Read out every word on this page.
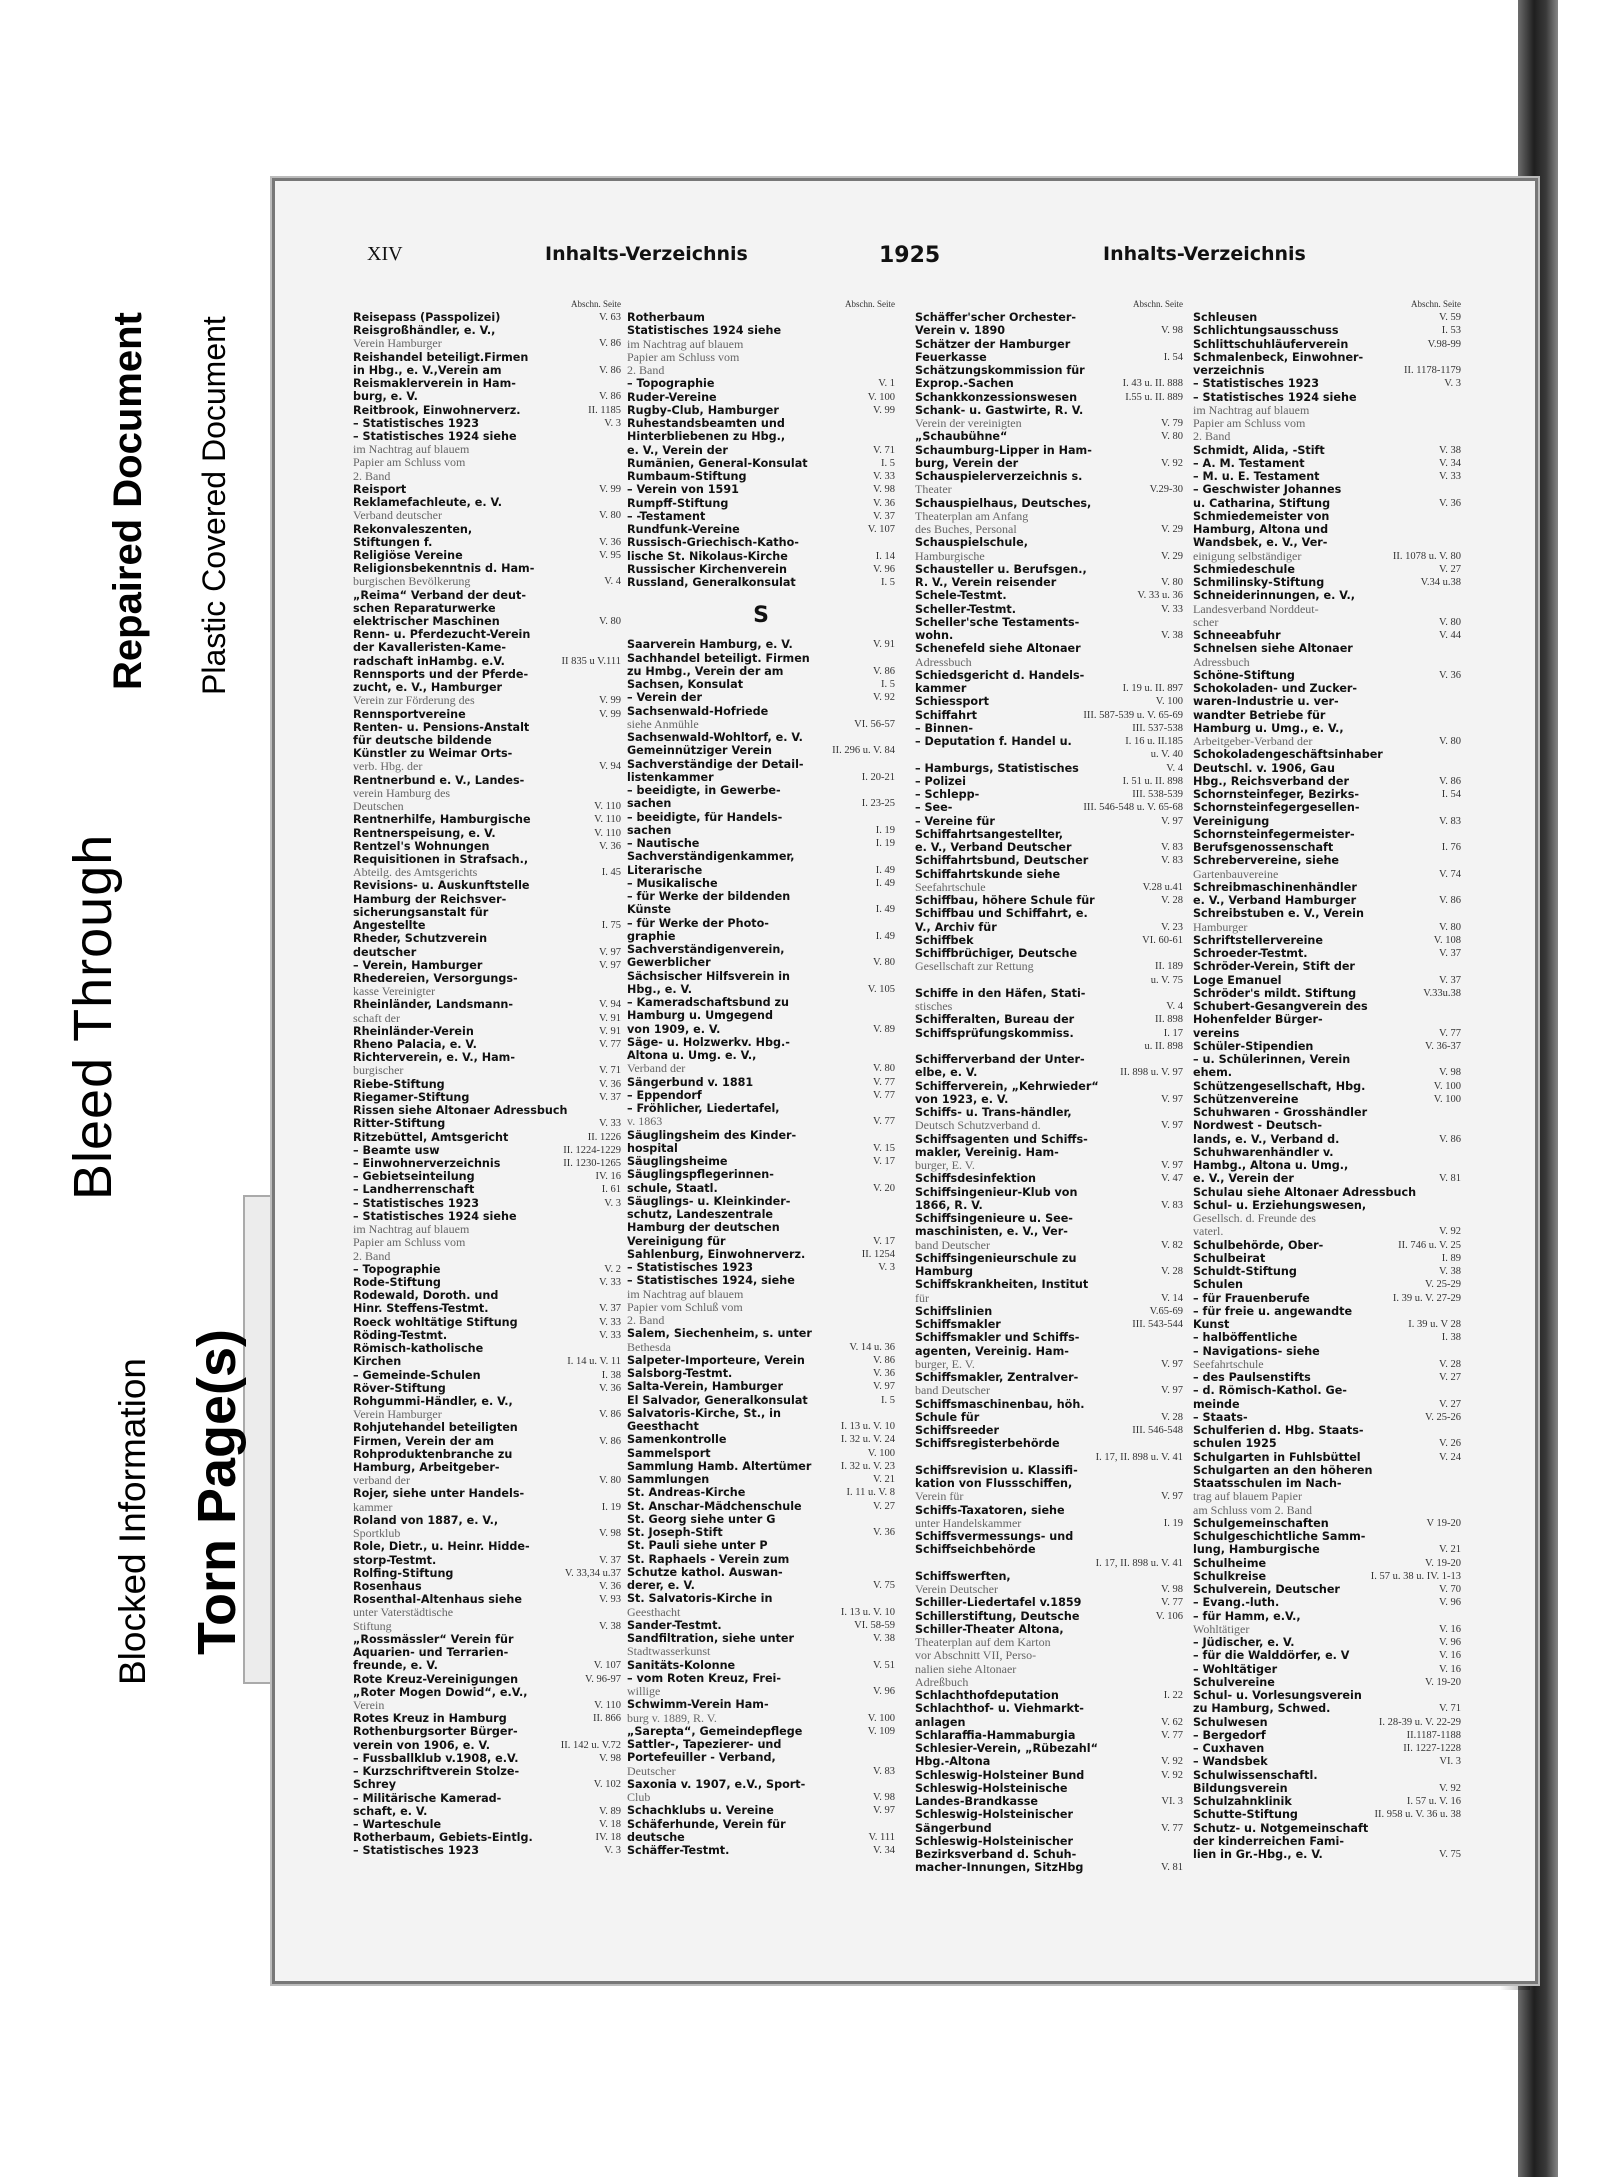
Bleed Through
Repaired Document Plastic Covered Document
Blocked Information Torn Page(s)
XIV	Inhalts-Verzeichnis	1925	Inhalts-Verzeichnis
Abschn. Seite
Reisepass (Passpolizei)	V. 63
Reisgroßhändler, e. V.,
Verein Hamburger	V. 86
Reishandel beteiligt.Firmen
in Hbg., e. V.,Verein am	V. 86
Reismaklerverein in Ham-
burg, e. V.	V. 86
Reitbrook, Einwohnerverz.	II. 1185
– Statistisches 1923	V. 3
– Statistisches 1924 siehe
im Nachtrag auf blauem
Papier am Schluss vom
2. Band
Reisport	V. 99
Reklamefachleute, e. V.
Verband deutscher	V. 80
Rekonvaleszenten,
Stiftungen f.	V. 36
Religiöse Vereine	V. 95
Religionsbekenntnis d. Ham-
burgischen Bevölkerung	V. 4
„Reima“ Verband der deut-
schen Reparaturwerke
elektrischer Maschinen	V. 80
Renn- u. Pferdezucht-Verein
der Kavalleristen-Kame-
radschaft inHambg. e.V.	II 835 u V.111
Rennsports und der Pferde-
zucht, e. V., Hamburger
Verein zur Förderung des	V. 99
Rennsportvereine	V. 99
Renten- u. Pensions-Anstalt
für deutsche bildende
Künstler zu Weimar Orts-
verb. Hbg. der	V. 94
Rentnerbund e. V., Landes-
verein Hamburg des
Deutschen	V. 110
Rentnerhilfe, Hamburgische	V. 110
Rentnerspeisung, e. V.	V. 110
Rentzel's Wohnungen	V. 36
Requisitionen in Strafsach.,
Abteilg. des Amtsgerichts	I. 45
Revisions- u. Auskunftstelle
Hamburg der Reichsver-
sicherungsanstalt für
Angestellte	I. 75
Rheder, Schutzverein
deutscher	V. 97
– Verein, Hamburger	V. 97
Rhedereien, Versorgungs-
kasse Vereinigter
Rheinländer, Landsmann-	V. 94
schaft der	V. 91
Rheinländer-Verein	V. 91
Rheno Palacia, e. V.	V. 77
Richterverein, e. V., Ham-
burgischer	V. 71
Riebe-Stiftung	V. 36
Riegamer-Stiftung	V. 37
Rissen siehe Altonaer Adressbuch
Ritter-Stiftung	V. 33
Ritzebüttel, Amtsgericht	II. 1226
– Beamte usw	II. 1224-1229
– Einwohnerverzeichnis	II. 1230-1265
– Gebietseinteilung	IV. 16
– Landherrenschaft	I. 61
– Statistisches 1923	V. 3
– Statistisches 1924 siehe
im Nachtrag auf blauem
Papier am Schluss vom
2. Band
– Topographie	V. 2
Rode-Stiftung	V. 33
Rodewald, Doroth. und
Hinr. Steffens-Testmt.	V. 37
Roeck wohltätige Stiftung	V. 33
Röding-Testmt.	V. 33
Römisch-katholische
Kirchen	I. 14 u. V. 11
– Gemeinde-Schulen	I. 38
Röver-Stiftung	V. 36
Rohgummi-Händler, e. V.,
Verein Hamburger	V. 86
Rohjutehandel beteiligten
Firmen, Verein der am	V. 86
Rohproduktenbranche zu
Hamburg, Arbeitgeber-
verband der	V. 80
Rojer, siehe unter Handels-
kammer	I. 19
Roland von 1887, e. V.,
Sportklub	V. 98
Role, Dietr., u. Heinr. Hidde-
storp-Testmt.	V. 37
Rolfing-Stiftung	V. 33,34 u.37
Rosenhaus	V. 36
Rosenthal-Altenhaus siehe	V. 93
unter Vaterstädtische
Stiftung	V. 38
„Rossmässler“ Verein für
Aquarien- und Terrarien-
freunde, e. V.	V. 107
Rote Kreuz-Vereinigungen	V. 96-97
„Roter Mogen Dowid“, e.V.,
Verein	V. 110
Rotes Kreuz in Hamburg	II. 866
Rothenburgsorter Bürger-
verein von 1906, e. V.	II. 142 u. V.72
– Fussballklub v.1908, e.V.	V. 98
– Kurzschriftverein Stolze-
Schrey	V. 102
– Militärische Kamerad-
schaft, e. V.	V. 89
– Warteschule	V. 18
Rotherbaum, Gebiets-Eintlg.	IV. 18
– Statistisches 1923	V. 3
Abschn. Seite
Rotherbaum
Statistisches 1924 siehe
im Nachtrag auf blauem
Papier am Schluss vom
2. Band
– Topographie	V. 1
Ruder-Vereine	V. 100
Rugby-Club, Hamburger	V. 99
Ruhestandsbeamten und
Hinterbliebenen zu Hbg.,
e. V., Verein der	V. 71
Rumänien, General-Konsulat	I. 5
Rumbaum-Stiftung	V. 33
– Verein von 1591	V. 98
Rumpff-Stiftung	V. 36
– -Testament	V. 37
Rundfunk-Vereine	V. 107
Russisch-Griechisch-Katho-
lische St. Nikolaus-Kirche	I. 14
Russischer Kirchenverein	V. 96
Russland, Generalkonsulat	I. 5
S
Saarverein Hamburg, e. V.	V. 91
Sachhandel beteiligt. Firmen
zu Hmbg., Verein der am	V. 86
Sachsen, Konsulat	I. 5
– Verein der	V. 92
Sachsenwald-Hofriede
siehe Anmühle	VI. 56-57
Sachsenwald-Wohltorf, e. V.
Gemeinnütziger Verein	II. 296 u. V. 84
Sachverständige der Detail-
listenkammer	I. 20-21
– beeidigte, in Gewerbe-
sachen	I. 23-25
– beeidigte, für Handels-
sachen	I. 19
– Nautische	I. 19
Sachverständigenkammer,
Literarische	I. 49
– Musikalische	I. 49
– für Werke der bildenden
Künste	I. 49
– für Werke der Photo-
graphie	I. 49
Sachverständigenverein,
Gewerblicher	V. 80
Sächsischer Hilfsverein in
Hbg., e. V.	V. 105
– Kameradschaftsbund zu
Hamburg u. Umgegend
von 1909, e. V.	V. 89
Säge- u. Holzwerkv. Hbg.-
Altona u. Umg. e. V.,
Verband der	V. 80
Sängerbund v. 1881	V. 77
– Eppendorf	V. 77
– Fröhlicher, Liedertafel,
v. 1863	V. 77
Säuglingsheim des Kinder-
hospital	V. 15
Säuglingsheime	V. 17
Säuglingspflegerinnen-
schule, Staatl.	V. 20
Säuglings- u. Kleinkinder-
schutz, Landeszentrale
Hamburg der deutschen
Vereinigung für	V. 17
Sahlenburg, Einwohnerverz.	II. 1254
– Statistisches 1923	V. 3
– Statistisches 1924, siehe
im Nachtrag auf blauem
Papier vom Schluß vom
2. Band
Salem, Siechenheim, s. unter
Bethesda	V. 14 u. 36
Salpeter-Importeure, Verein	V. 86
Salsborg-Testmt.	V. 36
Salta-Verein, Hamburger	V. 97
El Salvador, Generalkonsulat	I. 5
Salvatoris-Kirche, St., in
Geesthacht	I. 13 u. V. 10
Samenkontrolle	I. 32 u. V. 24
Sammelsport	V. 100
Sammlung Hamb. Altertümer	I. 32 u. V. 23
Sammlungen	V. 21
St. Andreas-Kirche	I. 11 u. V. 8
St. Anschar-Mädchenschule	V. 27
St. Georg siehe unter G
St. Joseph-Stift	V. 36
St. Pauli siehe unter P
St. Raphaels - Verein zum
Schutze kathol. Auswan-
derer, e. V.	V. 75
St. Salvatoris-Kirche in
Geesthacht	I. 13 u. V. 10
Sander-Testmt.	VI. 58-59
Sandfiltration, siehe unter	V. 38
Stadtwasserkunst
Sanitäts-Kolonne	V. 51
– vom Roten Kreuz, Frei-
willige	V. 96
Schwimm-Verein Ham-
burg v. 1889, R. V.	V. 100
„Sarepta“, Gemeindepflege	V. 109
Sattler-, Tapezierer- und
Portefeuiller - Verband,
Deutscher	V. 83
Saxonia v. 1907, e.V., Sport-
Club	V. 98
Schachklubs u. Vereine	V. 97
Schäferhunde, Verein für
deutsche	V. 111
Schäffer-Testmt.	V. 34
Abschn. Seite
Schäffer'scher Orchester-
Verein v. 1890	V. 98
Schätzer der Hamburger
Feuerkasse	I. 54
Schätzungskommission für
Exprop.-Sachen	I. 43 u. II. 888
Schankkonzessionswesen	I.55 u. II. 889
Schank- u. Gastwirte, R. V.
Verein der vereinigten	V. 79
„Schaubühne“	V. 80
Schaumburg-Lipper in Ham-
burg, Verein der	V. 92
Schauspielerverzeichnis s.
Theater	V.29-30
Schauspielhaus, Deutsches,
Theaterplan am Anfang
des Buches, Personal	V. 29
Schauspielschule,
Hamburgische	V. 29
Schausteller u. Berufsgen.,
R. V., Verein reisender	V. 80
Schele-Testmt.	V. 33 u. 36
Scheller-Testmt.	V. 33
Scheller'sche Testaments-
wohn.	V. 38
Schenefeld siehe Altonaer
Adressbuch
Schiedsgericht d. Handels-
kammer	I. 19 u. II. 897
Schiessport	V. 100
Schiffahrt	III. 587-539 u. V. 65-69
– Binnen-	III. 537-538
– Deputation f. Handel u.	I. 16 u. II.185
u. V. 40
– Hamburgs, Statistisches	V. 4
– Polizei	I. 51 u. II. 898
– Schlepp-	III. 538-539
– See-	III. 546-548 u. V. 65-68
– Vereine für	V. 97
Schiffahrtsangestellter,
e. V., Verband Deutscher	V. 83
Schiffahrtsbund, Deutscher	V. 83
Schiffahrtskunde siehe
Seefahrtschule	V.28 u.41
Schiffbau, höhere Schule für	V. 28
Schiffbau und Schiffahrt, e.
V., Archiv für	V. 23
Schiffbek	VI. 60-61
Schiffbrüchiger, Deutsche
Gesellschaft zur Rettung	II. 189
u. V. 75
Schiffe in den Häfen, Stati-
stisches	V. 4
Schifferalten, Bureau der	II. 898
Schiffsprüfungskommiss.	I. 17
u. II. 898
Schifferverband der Unter-
elbe, e. V.	II. 898 u. V. 97
Schifferverein, „Kehrwieder“
von 1923, e. V.	V. 97
Schiffs- u. Trans-händler,
Deutsch Schutzverband d.	V. 97
Schiffsagenten und Schiffs-
makler, Vereinig. Ham-
burger, E. V.	V. 97
Schiffsdesinfektion	V. 47
Schiffsingenieur-Klub von
1866, R. V.	V. 83
Schiffsingenieure u. See-
maschinisten, e. V., Ver-
band Deutscher	V. 82
Schiffsingenieurschule zu
Hamburg	V. 28
Schiffskrankheiten, Institut
für	V. 14
Schiffslinien	V.65-69
Schiffsmakler	III. 543-544
Schiffsmakler und Schiffs-
agenten, Vereinig. Ham-
burger, E. V.	V. 97
Schiffsmakler, Zentralver-
band Deutscher	V. 97
Schiffsmaschinenbau, höh.
Schule für	V. 28
Schiffsreeder	III. 546-548
Schiffsregisterbehörde
I. 17, II. 898 u. V. 41
Schiffsrevision u. Klassifi-
kation von Flussschiffen,
Verein für	V. 97
Schiffs-Taxatoren, siehe
unter Handelskammer	I. 19
Schiffsvermessungs- und
Schiffseichbehörde
I. 17, II. 898 u. V. 41
Schiffswerften,
Verein Deutscher	V. 98
Schiller-Liedertafel v.1859	V. 77
Schillerstiftung, Deutsche	V. 106
Schiller-Theater Altona,
Theaterplan auf dem Karton
vor Abschnitt VII, Perso-
nalien siehe Altonaer
Adreßbuch
Schlachthofdeputation	I. 22
Schlachthof- u. Viehmarkt-
anlagen	V. 62
Schlaraffia-Hammaburgia	V. 77
Schlesier-Verein, „Rübezahl“
Hbg.-Altona	V. 92
Schleswig-Holsteiner Bund	V. 92
Schleswig-Holsteinische
Landes-Brandkasse	VI. 3
Schleswig-Holsteinischer
Sängerbund	V. 77
Schleswig-Holsteinischer
Bezirksverband d. Schuh-
macher-Innungen, SitzHbg	V. 81
Abschn. Seite
Schleusen	V. 59
Schlichtungsausschuss	I. 53
Schlittschuhläuferverein	V.98-99
Schmalenbeck, Einwohner-
verzeichnis	II. 1178-1179
– Statistisches 1923	V. 3
– Statistisches 1924 siehe
im Nachtrag auf blauem
Papier am Schluss vom
2. Band
Schmidt, Alida, -Stift	V. 38
– A. M. Testament	V. 34
– M. u. E. Testament	V. 33
– Geschwister Johannes
u. Catharina, Stiftung	V. 36
Schmiedemeister von
Hamburg, Altona und
Wandsbek, e. V., Ver-
einigung selbständiger	II. 1078 u. V. 80
Schmiedeschule	V. 27
Schmilinsky-Stiftung	V.34 u.38
Schneiderinnungen, e. V.,
Landesverband Norddeut-
scher	V. 80
Schneeabfuhr	V. 44
Schnelsen siehe Altonaer
Adressbuch
Schöne-Stiftung	V. 36
Schokoladen- und Zucker-
waren-Industrie u. ver-
wandter Betriebe für
Hamburg u. Umg., e. V.,
Arbeitgeber-Verband der	V. 80
Schokoladengeschäftsinhaber
Deutschl. v. 1906, Gau
Hbg., Reichsverband der	V. 86
Schornsteinfeger, Bezirks-	I. 54
Schornsteinfegergesellen-
Vereinigung	V. 83
Schornsteinfegermeister-
Berufsgenossenschaft	I. 76
Schrebervereine, siehe
Gartenbauvereine	V. 74
Schreibmaschinenhändler
e. V., Verband Hamburger	V. 86
Schreibstuben e. V., Verein
Hamburger	V. 80
Schriftstellervereine	V. 108
Schroeder-Testmt.	V. 37
Schröder-Verein, Stift der
Loge Emanuel	V. 37
Schröder's mildt. Stiftung	V.33u.38
Schubert-Gesangverein des
Hohenfelder Bürger-
vereins	V. 77
Schüler-Stipendien	V. 36-37
– u. Schülerinnen, Verein
ehem.	V. 98
Schützengesellschaft, Hbg.	V. 100
Schützenvereine	V. 100
Schuhwaren - Grosshändler
Nordwest - Deutsch-
lands, e. V., Verband d.	V. 86
Schuhwarenhändler v.
Hambg., Altona u. Umg.,
e. V., Verein der	V. 81
Schulau siehe Altonaer Adressbuch
Schul- u. Erziehungswesen,
Gesellsch. d. Freunde des
vaterl.	V. 92
Schulbehörde, Ober-	II. 746 u. V. 25
Schulbeirat	I. 89
Schuldt-Stiftung	V. 38
Schulen	V. 25-29
– für Frauenberufe	I. 39 u. V. 27-29
– für freie u. angewandte
Kunst	I. 39 u. V 28
– halböffentliche	I. 38
– Navigations- siehe
Seefahrtschule	V. 28
– des Paulsenstifts	V. 27
– d. Römisch-Kathol. Ge-
meinde	V. 27
– Staats-	V. 25-26
Schulferien d. Hbg. Staats-
schulen 1925	V. 26
Schulgarten in Fuhlsbüttel	V. 24
Schulgarten an den höheren
Staatsschulen im Nach-
trag auf blauem Papier
am Schluss vom 2. Band
Schulgemeinschaften	V 19-20
Schulgeschichtliche Samm-
lung, Hamburgische	V. 21
Schulheime	V. 19-20
Schulkreise	I. 57 u. 38 u. IV. 1-13
Schulverein, Deutscher	V. 70
– Evang.-luth.	V. 96
– für Hamm, e.V.,
Wohltätiger	V. 16
– Jüdischer, e. V.	V. 96
– für die Walddörfer, e. V	V. 16
– Wohltätiger	V. 16
Schulvereine	V. 19-20
Schul- u. Vorlesungsverein
zu Hamburg, Schwed.	V. 71
Schulwesen	I. 28-39 u. V. 22-29
– Bergedorf	II.1187-1188
– Cuxhaven	II. 1227-1228
– Wandsbek	VI. 3
Schulwissenschaftl.
Bildungsverein	V. 92
Schulzahnklinik	I. 57 u. V. 16
Schutte-Stiftung	II. 958 u. V. 36 u. 38
Schutz- u. Notgemeinschaft
der kinderreichen Fami-
lien in Gr.-Hbg., e. V.	V. 75
